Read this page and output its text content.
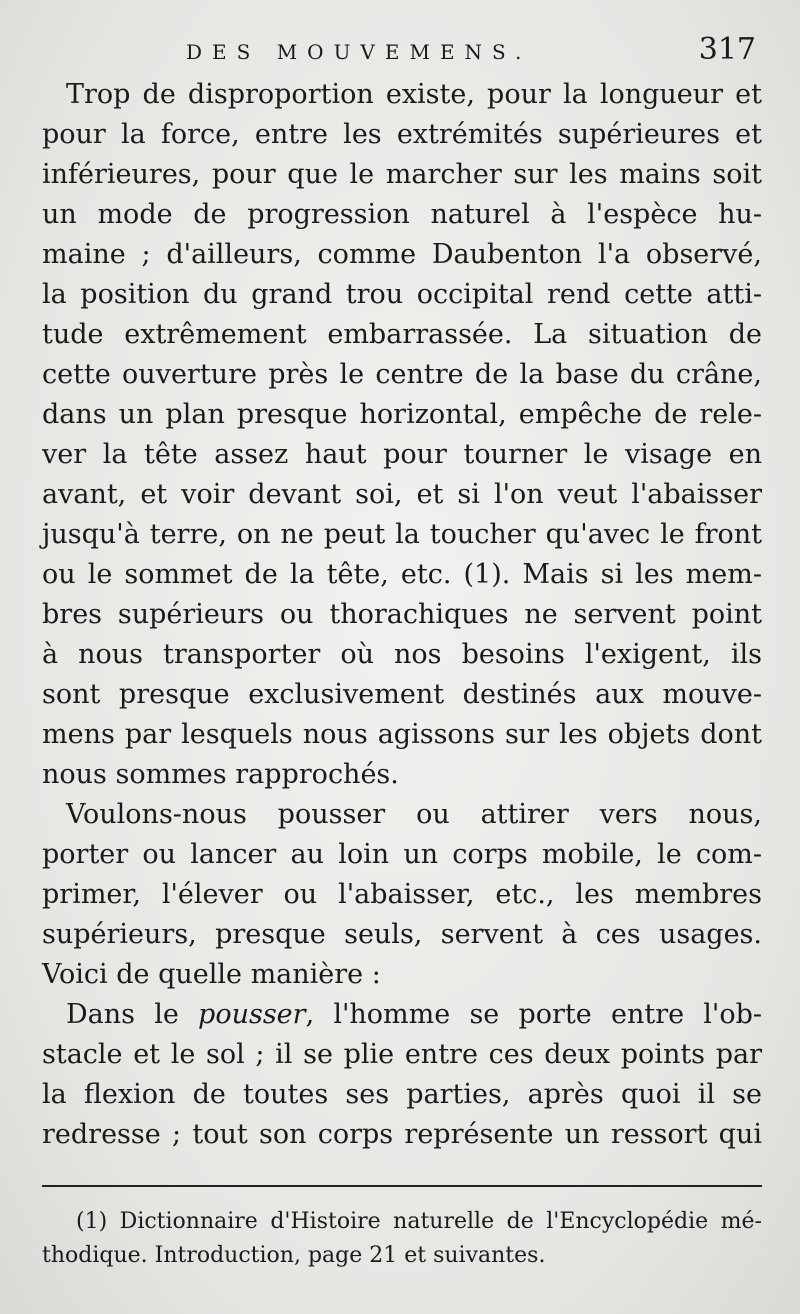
DES MOUVEMENS.	317

Trop de disproportion existe, pour la longueur et
pour la force, entre les extrémités supérieures et
inférieures, pour que le marcher sur les mains soit
un mode de progression naturel à l'espèce hu-
maine ; d'ailleurs, comme Daubenton l'a observé,
la position du grand trou occipital rend cette atti-
tude extrêmement embarrassée. La situation de
cette ouverture près le centre de la base du crâne,
dans un plan presque horizontal, empêche de rele-
ver la tête assez haut pour tourner le visage en
avant, et voir devant soi, et si l'on veut l'abaisser
jusqu'à terre, on ne peut la toucher qu'avec le front
ou le sommet de la tête, etc. (1). Mais si les mem-
bres supérieurs ou thorachiques ne servent point
à nous transporter où nos besoins l'exigent, ils
sont presque exclusivement destinés aux mouve-
mens par lesquels nous agissons sur les objets dont
nous sommes rapprochés.

Voulons-nous pousser ou attirer vers nous,
porter ou lancer au loin un corps mobile, le com-
primer, l'élever ou l'abaisser, etc., les membres
supérieurs, presque seuls, servent à ces usages.
Voici de quelle manière :

Dans le pousser, l'homme se porte entre l'ob-
stacle et le sol ; il se plie entre ces deux points par
la flexion de toutes ses parties, après quoi il se
redresse ; tout son corps représente un ressort qui

(1) Dictionnaire d'Histoire naturelle de l'Encyclopédie mé-
thodique. Introduction, page 21 et suivantes.
